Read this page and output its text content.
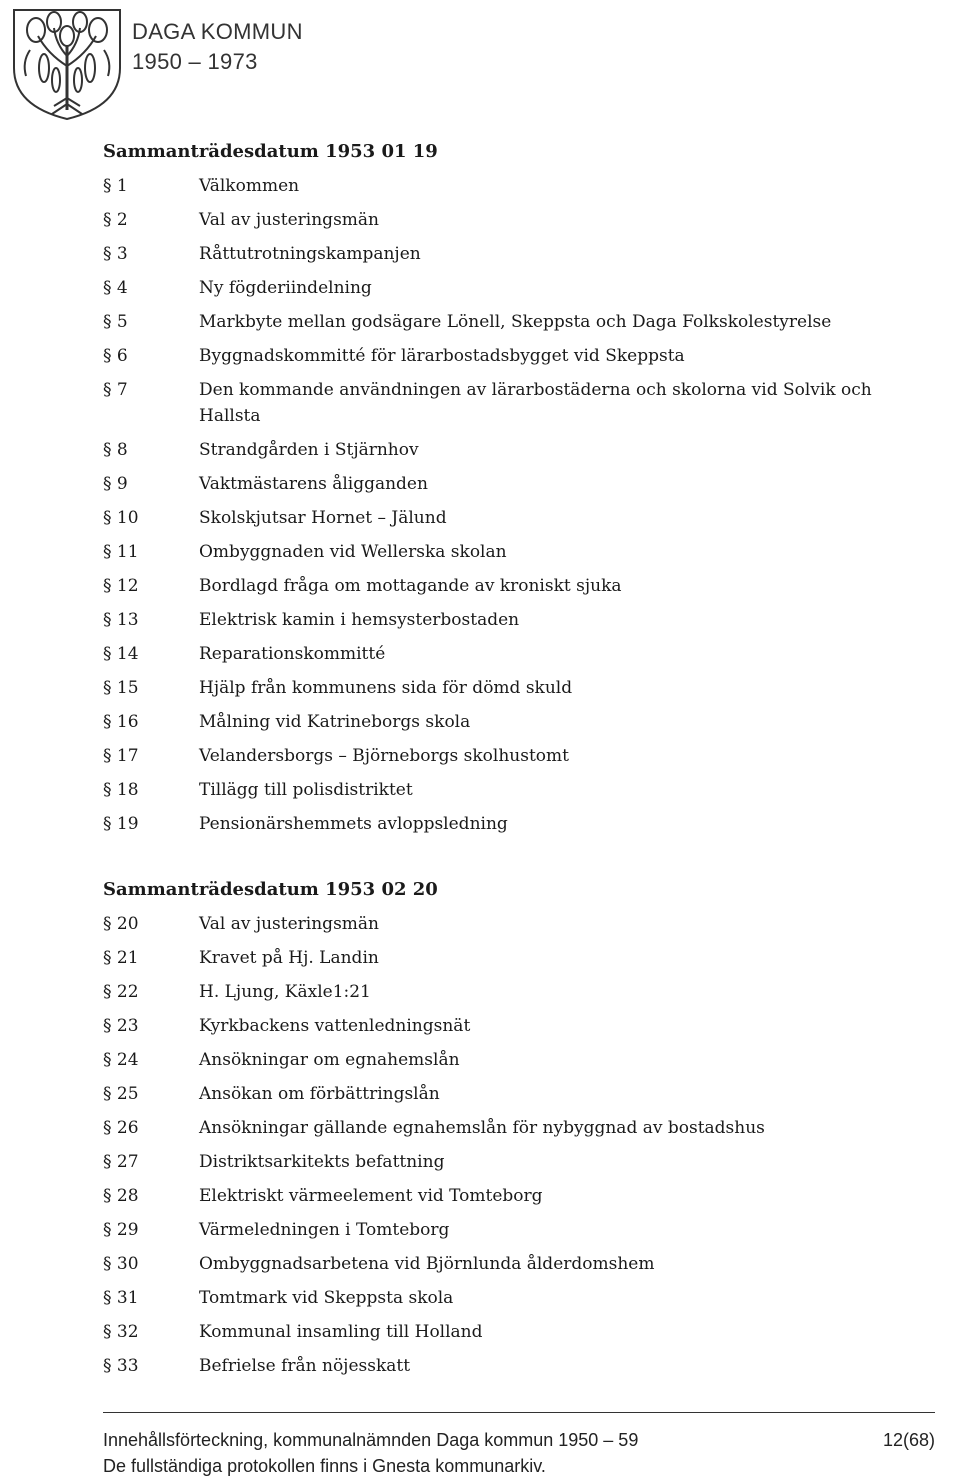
DAGA KOMMUN
1950 – 1973
Sammanträdesdatum 1953 01 19
§ 1	Välkommen
§ 2	Val av justeringsmän
§ 3	Råttutrotningskampanjen
§ 4	Ny fögderiindelning
§ 5	Markbyte mellan godsägare Lönell, Skeppsta och Daga Folkskolestyrelse
§ 6	Byggnadskommitté för lärarbostadsbygget vid Skeppsta
§ 7	Den kommande användningen av lärarbostäderna och skolorna vid Solvik och Hallsta
§ 8	Strandgården i Stjärnhov
§ 9	Vaktmästarens åligganden
§ 10	Skolskjutsar Hornet – Jälund
§ 11	Ombyggnaden vid Wellerska skolan
§ 12	Bordlagd fråga om mottagande av kroniskt sjuka
§ 13	Elektrisk kamin i hemsysterbostaden
§ 14	Reparationskommitté
§ 15	Hjälp från kommunens sida för dömd skuld
§ 16	Målning vid Katrineborgs skola
§ 17	Velandersborgs – Björneborgs skolhustomt
§ 18	Tillägg till polisdistriktet
§ 19	Pensionärshemmets avloppsledning
Sammanträdesdatum 1953 02 20
§ 20	Val av justeringsmän
§ 21	Kravet på Hj. Landin
§ 22	H. Ljung, Käxle1:21
§ 23	Kyrkbackens vattenledningsnät
§ 24	Ansökningar om egnahemslån
§ 25	Ansökan om förbättringslån
§ 26	Ansökningar gällande egnahemslån för nybyggnad av bostadshus
§ 27	Distriktsarkitekts befattning
§ 28	Elektriskt värmeelement vid Tomteborg
§ 29	Värmeledningen i Tomteborg
§ 30	Ombyggnadsarbetena vid Björnlunda ålderdomshem
§ 31	Tomtmark vid Skeppsta skola
§ 32	Kommunal insamling till Holland
§ 33	Befrielse från nöjesskatt
Innehållsförteckning, kommunalnämnden Daga kommun 1950 – 59	12(68)
De fullständiga protokollen finns i Gnesta kommunarkiv.
